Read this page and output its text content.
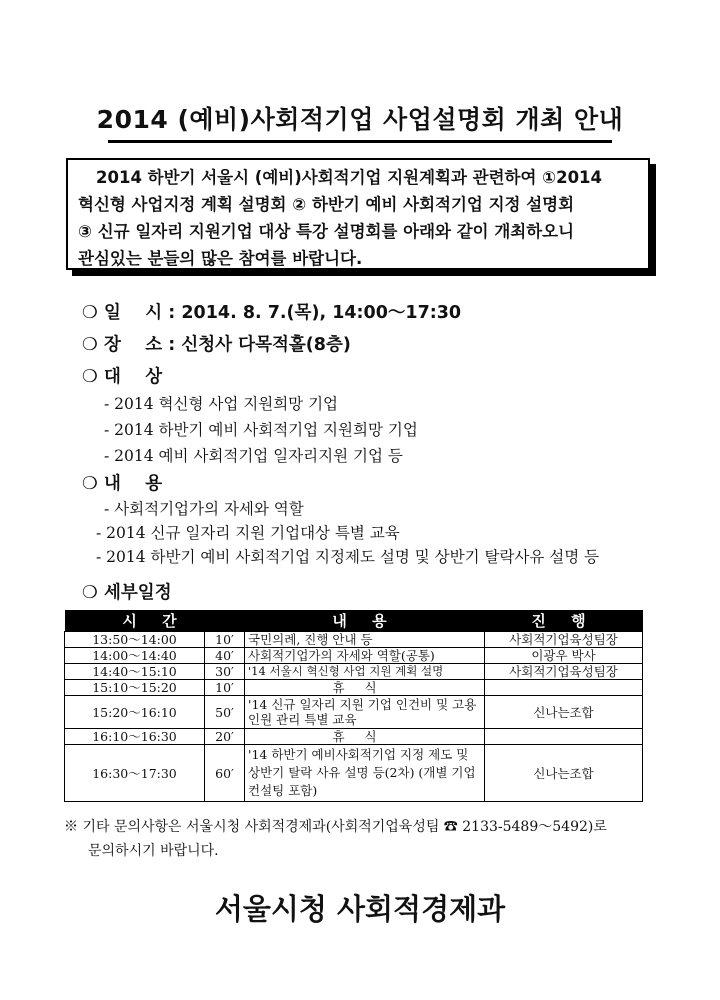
2014 (예비)사회적기업 사업설명회 개최 안내

2014 하반기 서울시 (예비)사회적기업 지원계획과 관련하여 ①2014

혁신형 사업지정 계획 설명회 ② 하반기 예비 사회적기업 지정 설명회
③ 신규 일자리 지원기업 대상 특강 설명회를 아래와 같이 개최하오니
관심있는 분들의 많은 참여를 바랍니다.
❍ 일    시 : 2014. 8. 7.(목), 14:00～17:30
❍ 장    소 : 신청사 다목적홀(8층)
❍ 대    상
- 2014 혁신형 사업 지원희망 기업
- 2014 하반기 예비 사회적기업 지원희망 기업
- 2014 예비 사회적기업 일자리지원 기업 등
❍ 내    용
- 사회적기업가의 자세와 역할
- 2014 신규 일자리 지원 기업대상 특별 교육
- 2014 하반기 예비 사회적기업 지정제도 설명 및 상반기 탈락사유 설명 등
❍ 세부일정
시 간		내 용	진 행
13:50～14:00	10′	국민의례, 진행 안내 등	사회적기업육성팀장
14:00～14:40	40′	사회적기업가의 자세와 역할(공통)	이광우 박사
14:40～15:10	30′	'14 서울시 혁신형 사업 지원 계획 설명	사회적기업육성팀장
15:10～15:20	10′	휴식	
15:20～16:10	50′	'14 신규 일자리 지원 기업 인건비 및 고용 인원 관리 특별 교육	신나는조합
16:10～16:30	20′	휴식	
16:30～17:30	60′	'14 하반기 예비사회적기업 지정 제도 및 상반기 탈락 사유 설명 등(2차) (개별 기업 컨설팅 포함)	신나는조합
※ 기타 문의사항은 서울시청 사회적경제과(사회적기업육성팀 ☎ 2133-5489～5492)로
문의하시기 바랍니다.
서울시청 사회적경제과
